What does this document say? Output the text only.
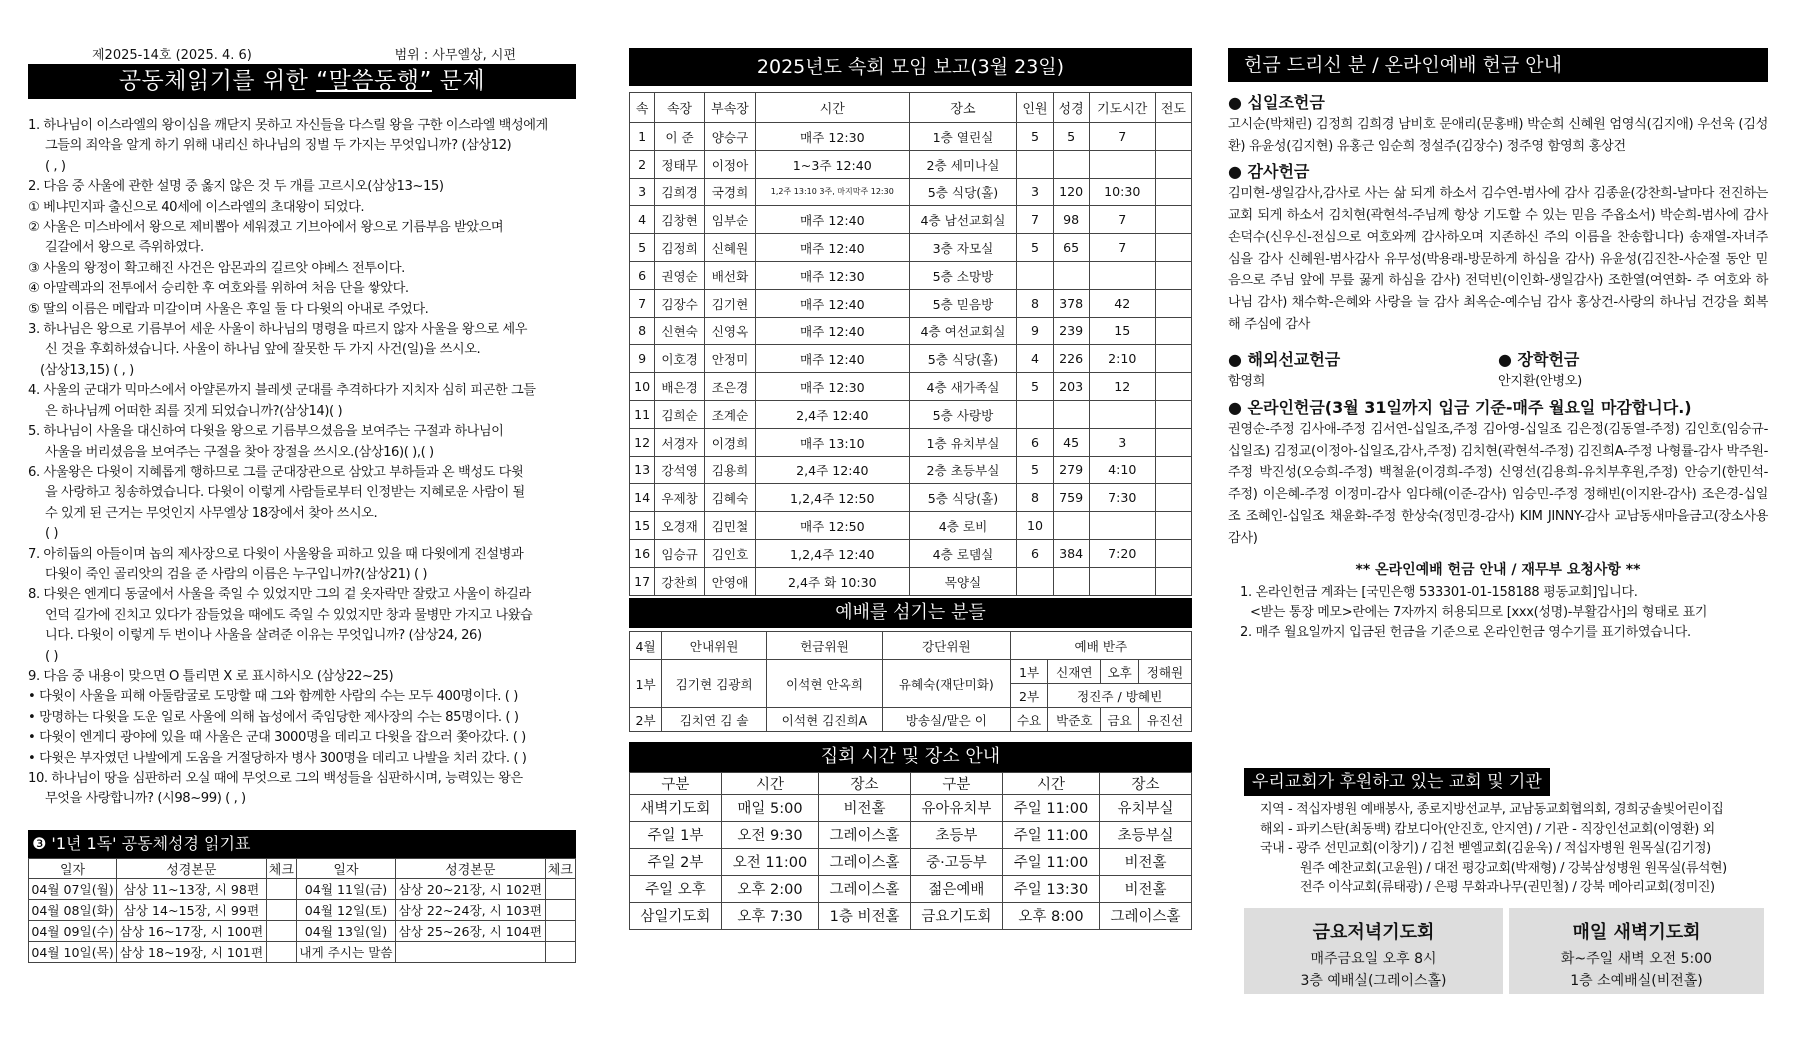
제2025-14호 (2025. 4. 6)	범위 : 사무엘상, 시편
공동체읽기를 위한 “말씀동행” 문제
1. 하나님이 이스라엘의 왕이심을 깨닫지 못하고 자신들을 다스릴 왕을 구한 이스라엘 백성에게
그들의 죄악을 알게 하기 위해 내리신 하나님의 징벌 두 가지는 무엇입니까? (삼상12)
( , )
2. 다음 중 사울에 관한 설명 중 옳지 않은 것 두 개를 고르시오(삼상13~15)
① 베냐민지파 출신으로 40세에 이스라엘의 초대왕이 되었다.
② 사울은 미스바에서 왕으로 제비뽑아 세워졌고 기브아에서 왕으로 기름부음 받았으며
길갈에서 왕으로 즉위하였다.
③ 사울의 왕정이 확고해진 사건은 암몬과의 길르앗 야베스 전투이다.
④ 아말렉과의 전투에서 승리한 후 여호와를 위하여 처음 단을 쌓았다.
⑤ 딸의 이름은 메랍과 미갈이며 사울은 후일 둘 다 다윗의 아내로 주었다.
3. 하나님은 왕으로 기름부어 세운 사울이 하나님의 명령을 따르지 않자 사울을 왕으로 세우
신 것을 후회하셨습니다. 사울이 하나님 앞에 잘못한 두 가지 사건(일)을 쓰시오.
(삼상13,15) ( , )
4. 사울의 군대가 믹마스에서 아얄론까지 블레셋 군대를 추격하다가 지치자 심히 피곤한 그들
은 하나님께 어떠한 죄를 짓게 되었습니까?(삼상14)( )
5. 하나님이 사울을 대신하여 다윗을 왕으로 기름부으셨음을 보여주는 구절과 하나님이
사울을 버리셨음을 보여주는 구절을 찾아 장절을 쓰시오.(삼상16)( ),( )
6. 사울왕은 다윗이 지혜롭게 행하므로 그를 군대장관으로 삼았고 부하들과 온 백성도 다윗
을 사랑하고 칭송하였습니다. 다윗이 이렇게 사람들로부터 인정받는 지혜로운 사람이 될
수 있게 된 근거는 무엇인지 사무엘상 18장에서 찾아 쓰시오.
( )
7. 아히둡의 아들이며 놉의 제사장으로 다윗이 사울왕을 피하고 있을 때 다윗에게 진설병과
다윗이 죽인 골리앗의 검을 준 사람의 이름은 누구입니까?(삼상21) ( )
8. 다윗은 엔게디 동굴에서 사울을 죽일 수 있었지만 그의 겉 옷자락만 잘랐고 사울이 하길라
언덕 길가에 진치고 있다가 잠들었을 때에도 죽일 수 있었지만 창과 물병만 가지고 나왔습
니다. 다윗이 이렇게 두 번이나 사울을 살려준 이유는 무엇입니까? (삼상24, 26)
( )
9. 다음 중 내용이 맞으면 O 틀리면 X 로 표시하시오 (삼상22~25)
• 다윗이 사울을 피해 아둘람굴로 도망할 때 그와 함께한 사람의 수는 모두 400명이다. ( )
• 망명하는 다윗을 도운 일로 사울에 의해 놉성에서 죽임당한 제사장의 수는 85명이다. ( )
• 다윗이 엔게디 광야에 있을 때 사울은 군대 3000명을 데리고 다윗을 잡으러 쫓아갔다. ( )
• 다윗은 부자였던 나발에게 도움을 거절당하자 병사 300명을 데리고 나발을 치러 갔다. ( )
10. 하나님이 땅을 심판하러 오실 때에 무엇으로 그의 백성들을 심판하시며, 능력있는 왕은
무엇을 사랑합니까? (시98~99) ( , )
❸ '1년 1독' 공동체성경 읽기표
일자	성경본문	체크	일자	성경본문	체크
04월 07일(월)	삼상 11~13장, 시 98편		04월 11일(금)	삼상 20~21장, 시 102편	
04월 08일(화)	삼상 14~15장, 시 99편		04월 12일(토)	삼상 22~24장, 시 103편	
04월 09일(수)	삼상 16~17장, 시 100편		04월 13일(일)	삼상 25~26장, 시 104편	
04월 10일(목)	삼상 18~19장, 시 101편		내게 주시는 말씀		
2025년도 속회 모임 보고(3월 23일)
속	속장	부속장	시간	장소	인원	성경	기도시간	전도
1	이 준	양승구	매주 12:30	1층 열린실	5	5	7	
2	정태무	이정아	1~3주 12:40	2층 세미나실				
3	김희경	국경희	1,2주 13:10 3주, 마지막주 12:30	5층 식당(홀)	3	120	10:30	
4	김창현	임부순	매주 12:40	4층 남선교회실	7	98	7	
5	김정희	신혜원	매주 12:40	3층 자모실	5	65	7	
6	권영순	배선화	매주 12:30	5층 소망방				
7	김장수	김기현	매주 12:40	5층 믿음방	8	378	42	
8	신현숙	신영옥	매주 12:40	4층 여선교회실	9	239	15	
9	이호경	안정미	매주 12:40	5층 식당(홀)	4	226	2:10	
10	배은경	조은경	매주 12:30	4층 새가족실	5	203	12	
11	김희순	조계순	2,4주 12:40	5층 사랑방				
12	서경자	이경희	매주 13:10	1층 유치부실	6	45	3	
13	강석영	김용희	2,4주 12:40	2층 초등부실	5	279	4:10	
14	우제창	김혜숙	1,2,4주 12:50	5층 식당(홀)	8	759	7:30	
15	오경재	김민철	매주 12:50	4층 로비	10			
16	임승규	김인호	1,2,4주 12:40	4층 로뎀실	6	384	7:20	
17	강찬희	안영애	2,4주 화 10:30	목양실				
예배를 섬기는 분들
4월	안내위원	헌금위원	강단위원	예배 반주			
1부	김기현 김광희	이석현 안옥희	유혜숙(재단미화)	1부	신재연	오후	정해원
				2부	정진주 / 방혜빈		
2부	김치연 김 솔	이석현 김진희A	방송실/맡은 이	수요	박준호	금요	유진선
집회 시간 및 장소 안내
구분	시간	장소	구분	시간	장소
새벽기도회	매일 5:00	비전홀	유아유치부	주일 11:00	유치부실
주일 1부	오전 9:30	그레이스홀	초등부	주일 11:00	초등부실
주일 2부	오전 11:00	그레이스홀	중·고등부	주일 11:00	비전홀
주일 오후	오후 2:00	그레이스홀	젊은예배	주일 13:30	비전홀
삼일기도회	오후 7:30	1층 비전홀	금요기도회	오후 8:00	그레이스홀
헌금 드리신 분 / 온라인예배 헌금 안내
● 십일조헌금
고시순(박채린) 김정희 김희경 남비호 문애리(문홍배) 박순희 신혜원 엄영식(김지애) 우선욱 (김성환) 유윤성(김지현) 유홍근 임순희 정설주(김장수) 정주영 함영희 홍상건
● 감사헌금
김미현-생일감사,감사로 사는 삶 되게 하소서 김수연-범사에 감사 김종윤(강찬희-날마다 전진하는 교회 되게 하소서 김치현(곽현석-주님께 항상 기도할 수 있는 믿음 주옵소서) 박순희-범사에 감사 손덕수(신우신-전심으로 여호와께 감사하오며 지존하신 주의 이름을 찬송합니다) 송재열-자녀주심을 감사 신혜원-범사감사 유무성(박용래-방문하게 하심을 감사) 유윤성(김진찬-사순절 동안 믿음으로 주님 앞에 무릎 꿇게 하심을 감사) 전덕빈(이인화-생일감사) 조한열(여연화- 주 여호와 하나님 감사) 채수학-은혜와 사랑을 늘 감사 최옥순-예수님 감사 홍상건-사랑의 하나님 건강을 회복해 주심에 감사
● 해외선교헌금
함영희
● 장학헌금
안지환(안병오)
● 온라인헌금(3월 31일까지 입금 기준-매주 월요일 마감합니다.)
권영순-주정 김사애-주정 김서연-십일조,주정 김아영-십일조 김은정(김동열-주정) 김인호(임승규-십일조) 김정교(이정아-십일조,감사,주정) 김치현(곽현석-주정) 김진희A-주정 나형률-감사 박주원-주정 박진성(오승희-주정) 백철윤(이경희-주정) 신영선(김용희-유치부후원,주정) 안승기(한민석-주정) 이은혜-주정 이정미-감사 임다해(이준-감사) 임승민-주정 정해빈(이지완-감사) 조은경-십일조 조혜인-십일조 채윤화-주정 한상숙(정민경-감사) KIM JINNY-감사 교남동새마을금고(장소사용감사)
** 온라인예배 헌금 안내 / 재무부 요청사항 **
1. 온라인헌금 계좌는 [국민은행 533301-01-158188 평동교회]입니다.
<받는 통장 메모>란에는 7자까지 허용되므로 [xxx(성명)-부활감사]의 형태로 표기
2. 매주 월요일까지 입금된 헌금을 기준으로 온라인헌금 영수기를 표기하였습니다.
우리교회가 후원하고 있는 교회 및 기관
지역 - 적십자병원 예배봉사, 종로지방선교부, 교남동교회협의회, 경희궁솔빛어린이집
해외 - 파키스탄(최동백) 캄보디아(안진호, 안지연) / 기관 - 직장인선교회(이영환) 외
국내 - 광주 선민교회(이창기) / 김천 벧엘교회(김윤욱) / 적십자병원 원목실(김기정)
원주 예찬교회(고윤원) / 대전 평강교회(박재형) / 강북삼성병원 원목실(류석현)
전주 이삭교회(류태광) / 은평 무화과나무(권민철) / 강북 메아리교회(정미진)
금요저녁기도회
매주금요일 오후 8시
3층 예배실(그레이스홀)
매일 새벽기도회
화~주일 새벽 오전 5:00
1층 소예배실(비전홀)
